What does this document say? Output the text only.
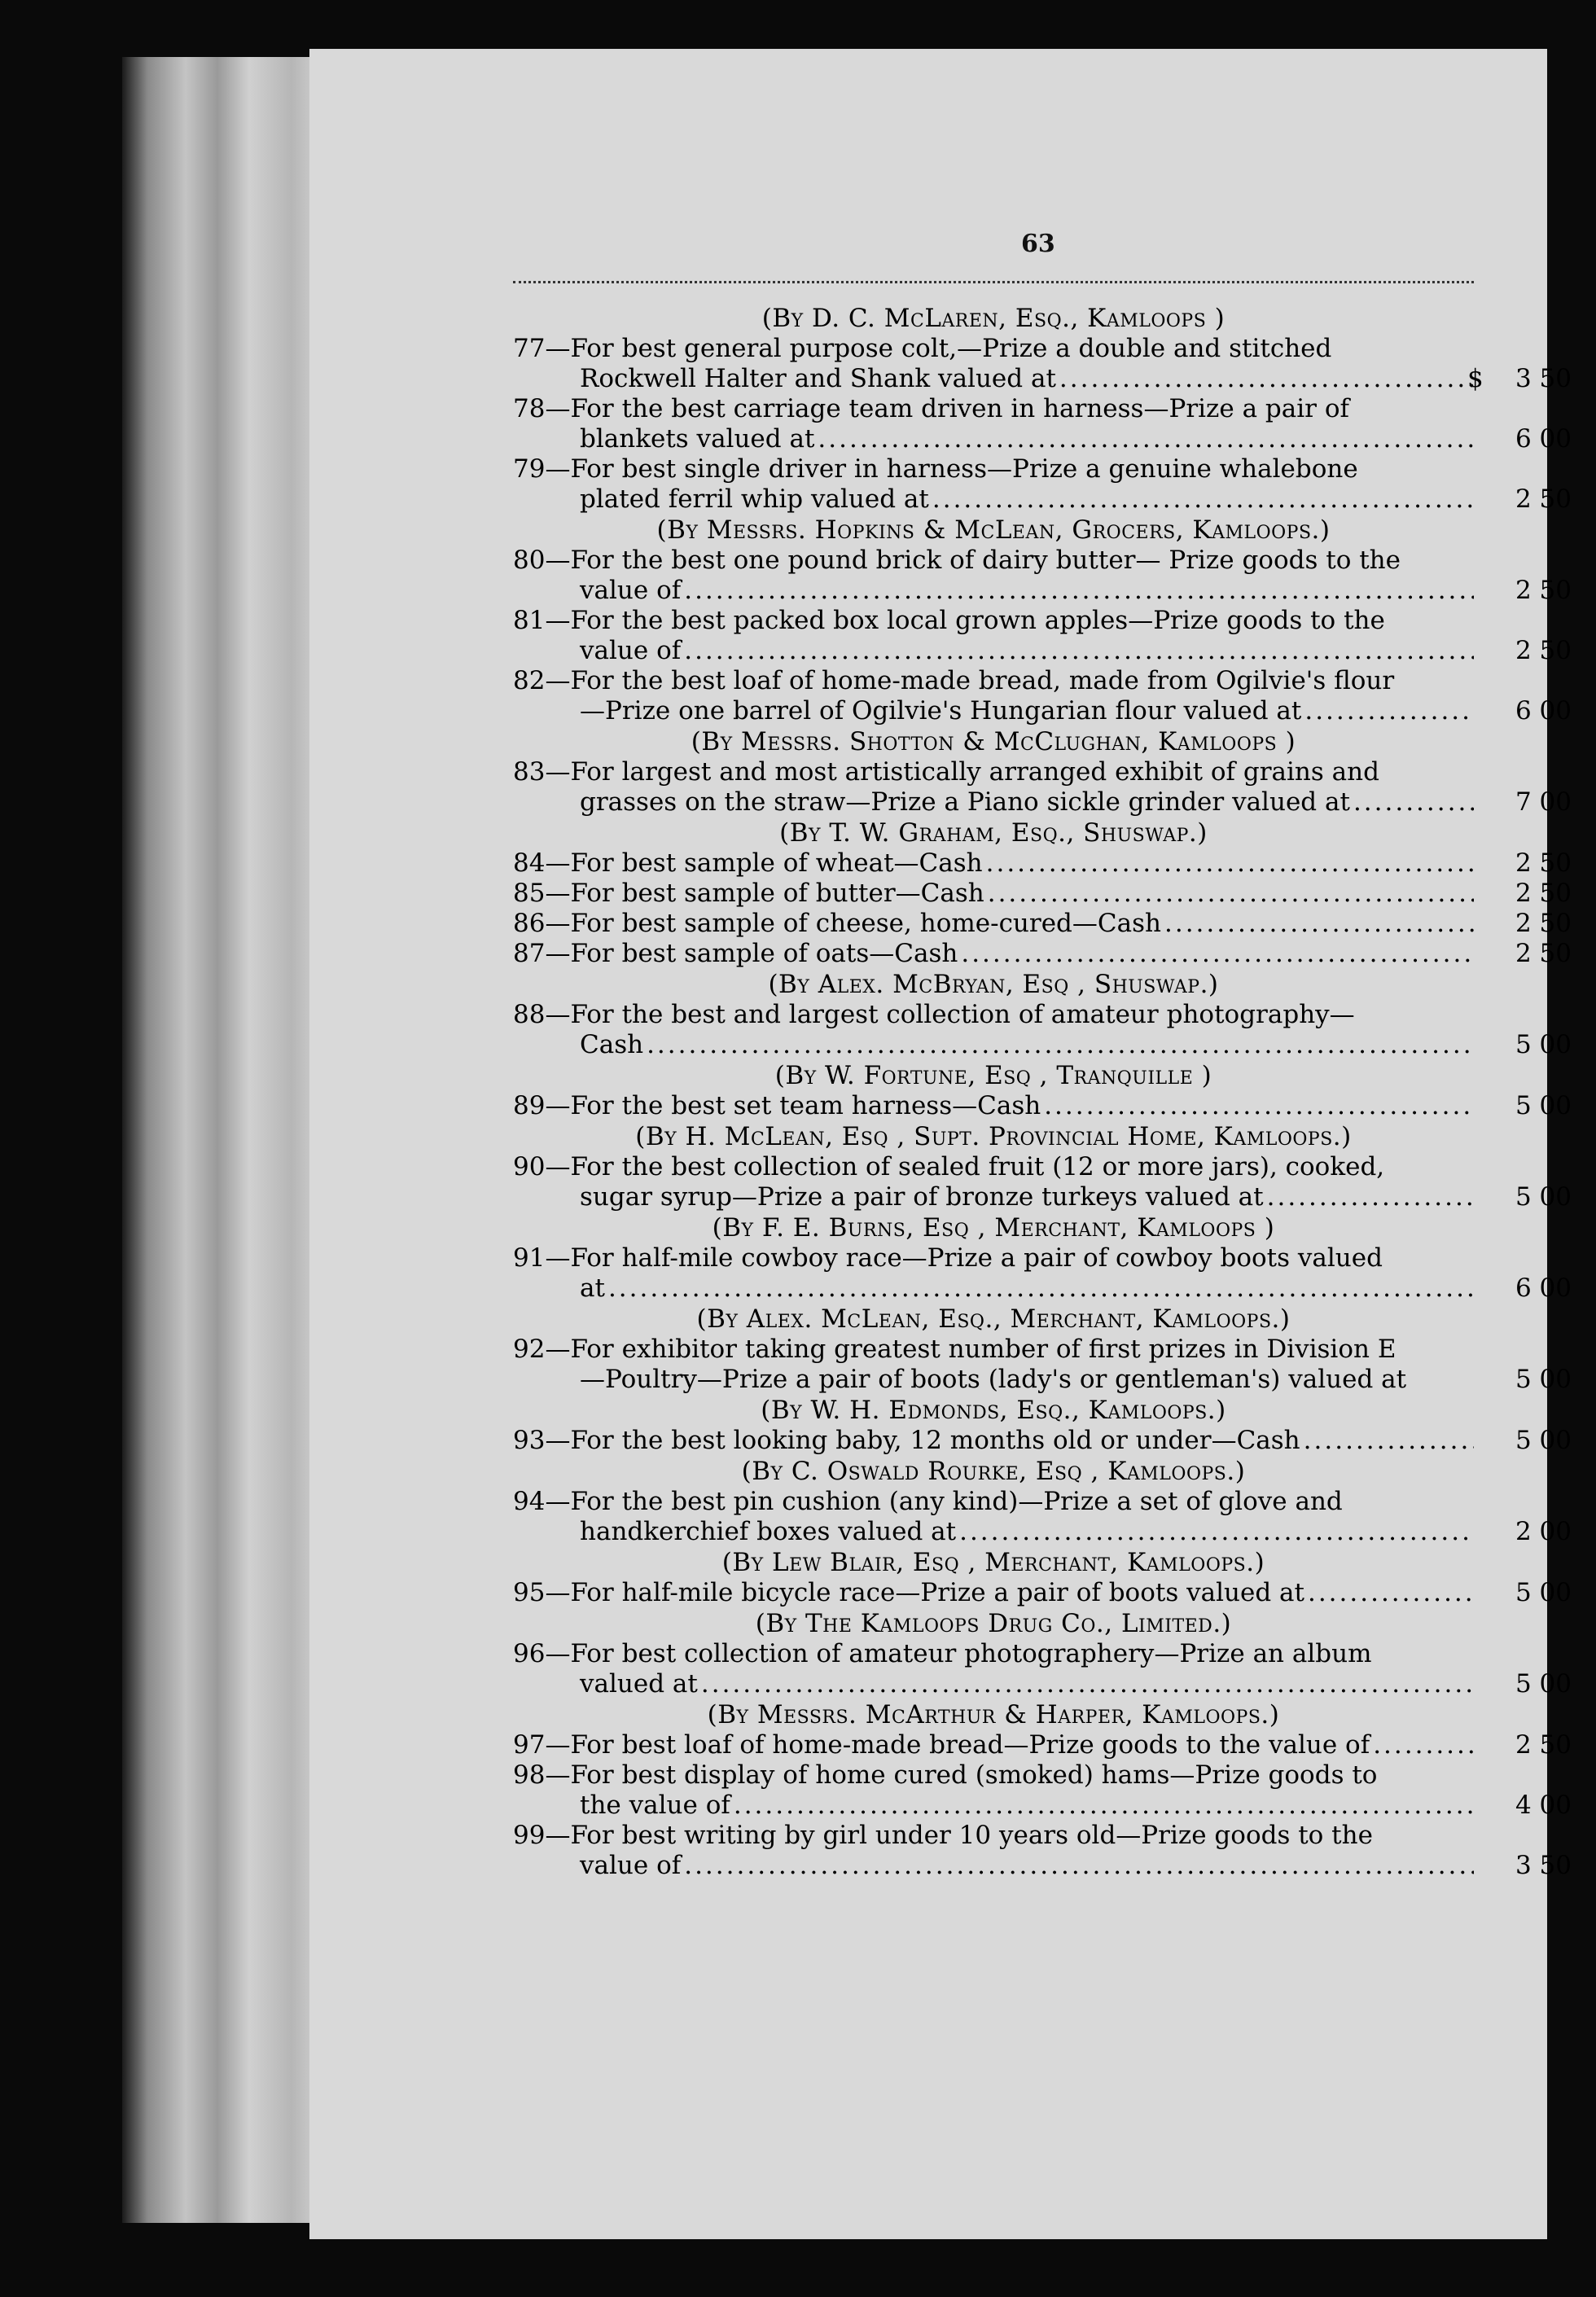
63
(By D. C. McLaren, Esq., Kamloops )
77—For best general purpose colt,—Prize a double and stitched
Rockwell Halter and Shank valued at .....	$ 3 50
78—For the best carriage team driven in harness—Prize a pair of
blankets valued at .....	6 00
79—For best single driver in harness—Prize a genuine whalebone
plated ferril whip valued at .....	2 50
(By Messrs. Hopkins & McLean, Grocers, Kamloops.)
80—For the best one pound brick of dairy butter— Prize goods to the
value of .....	2 50
81—For the best packed box local grown apples—Prize goods to the
value of .....	2 50
82—For the best loaf of home-made bread, made from Ogilvie's flour
—Prize one barrel of Ogilvie's Hungarian flour valued at .....	6 00
(By Messrs. Shotton & McClughan, Kamloops )
83—For largest and most artistically arranged exhibit of grains and
grasses on the straw—Prize a Piano sickle grinder valued at .....	7 00
(By T. W. Graham, Esq., Shuswap.)
84—For best sample of wheat—Cash .....	2 50
85—For best sample of butter—Cash .....	2 50
86—For best sample of cheese, home-cured—Cash .....	2 50
87—For best sample of oats—Cash .....	2 50
(By Alex. McBryan, Esq , Shuswap.)
88—For the best and largest collection of amateur photography—
Cash .....	5 00
(By W. Fortune, Esq , Tranquille )
89—For the best set team harness—Cash .....	5 00
(By H. McLean, Esq , Supt. Provincial Home, Kamloops.)
90—For the best collection of sealed fruit (12 or more jars), cooked,
sugar syrup—Prize a pair of bronze turkeys valued at .....	5 00
(By F. E. Burns, Esq , Merchant, Kamloops )
91—For half-mile cowboy race—Prize a pair of cowboy boots valued
at .....	6 00
(By Alex. McLean, Esq., Merchant, Kamloops.)
92—For exhibitor taking greatest number of first prizes in Division E
—Poultry—Prize a pair of boots (lady's or gentleman's) valued at	5 00
(By W. H. Edmonds, Esq., Kamloops.)
93—For the best looking baby, 12 months old or under—Cash .....	5 00
(By C. Oswald Rourke, Esq , Kamloops.)
94—For the best pin cushion (any kind)—Prize a set of glove and
handkerchief boxes valued at .....	2 00
(By Lew Blair, Esq , Merchant, Kamloops.)
95—For half-mile bicycle race—Prize a pair of boots valued at .....	5 00
(By The Kamloops Drug Co., Limited.)
96—For best collection of amateur photographery—Prize an album
valued at .....	5 00
(By Messrs. McArthur & Harper, Kamloops.)
97—For best loaf of home-made bread—Prize goods to the value of .....	2 50
98—For best display of home cured (smoked) hams—Prize goods to
the value of .....	4 00
99—For best writing by girl under 10 years old—Prize goods to the
value of .....	3 50
